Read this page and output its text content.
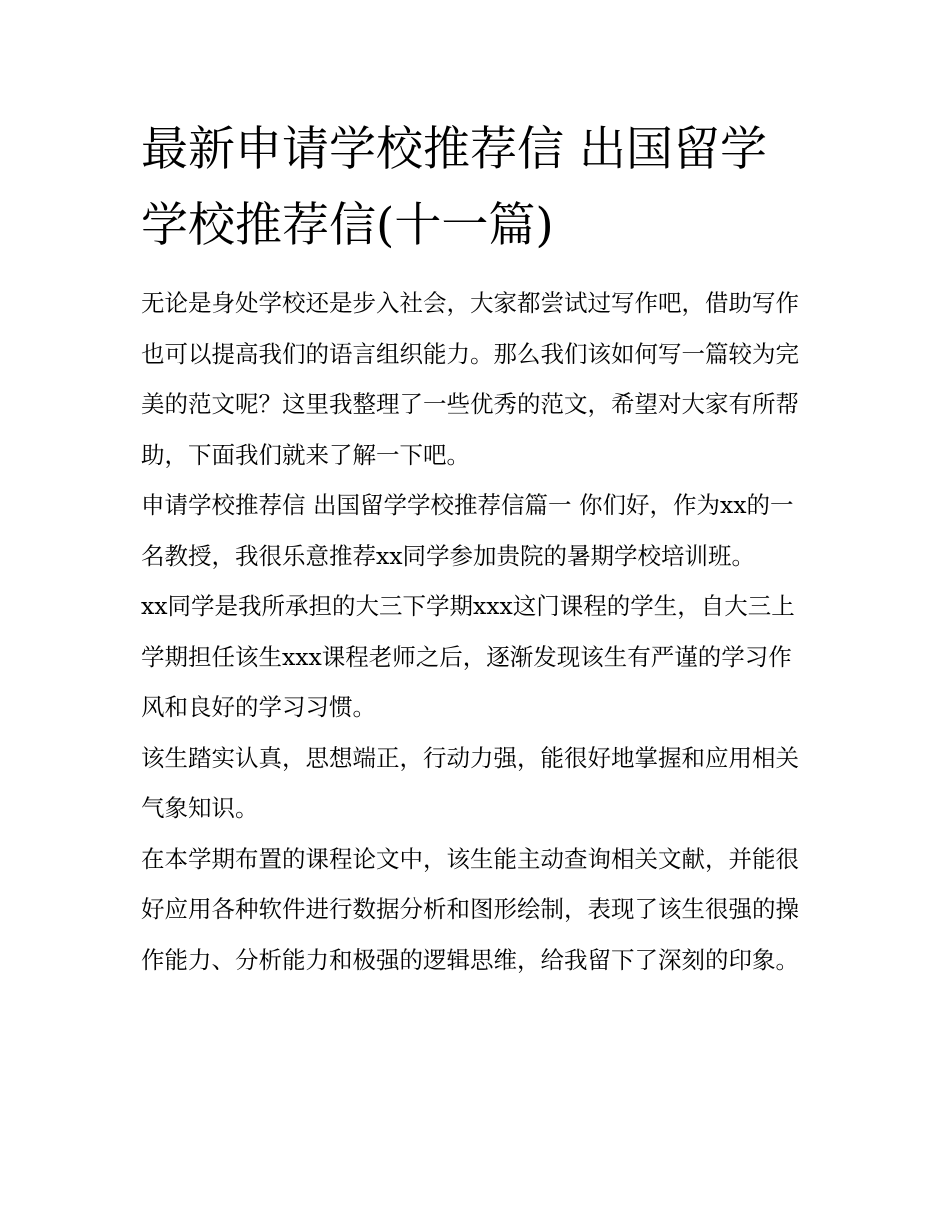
最新申请学校推荐信 出国留学学校推荐信(十一篇)

无论是身处学校还是步入社会，大家都尝试过写作吧，借助写作也可以提高我们的语言组织能力。那么我们该如何写一篇较为完美的范文呢？这里我整理了一些优秀的范文，希望对大家有所帮助，下面我们就来了解一下吧。

申请学校推荐信 出国留学学校推荐信篇一 你们好，作为xx的一名教授，我很乐意推荐xx同学参加贵院的暑期学校培训班。

xx同学是我所承担的大三下学期xxx这门课程的学生，自大三上学期担任该生xxx课程老师之后，逐渐发现该生有严谨的学习作风和良好的学习习惯。

该生踏实认真，思想端正，行动力强，能很好地掌握和应用相关气象知识。

在本学期布置的课程论文中，该生能主动查询相关文献，并能很好应用各种软件进行数据分析和图形绘制，表现了该生很强的操作能力、分析能力和极强的逻辑思维，给我留下了深刻的印象。
